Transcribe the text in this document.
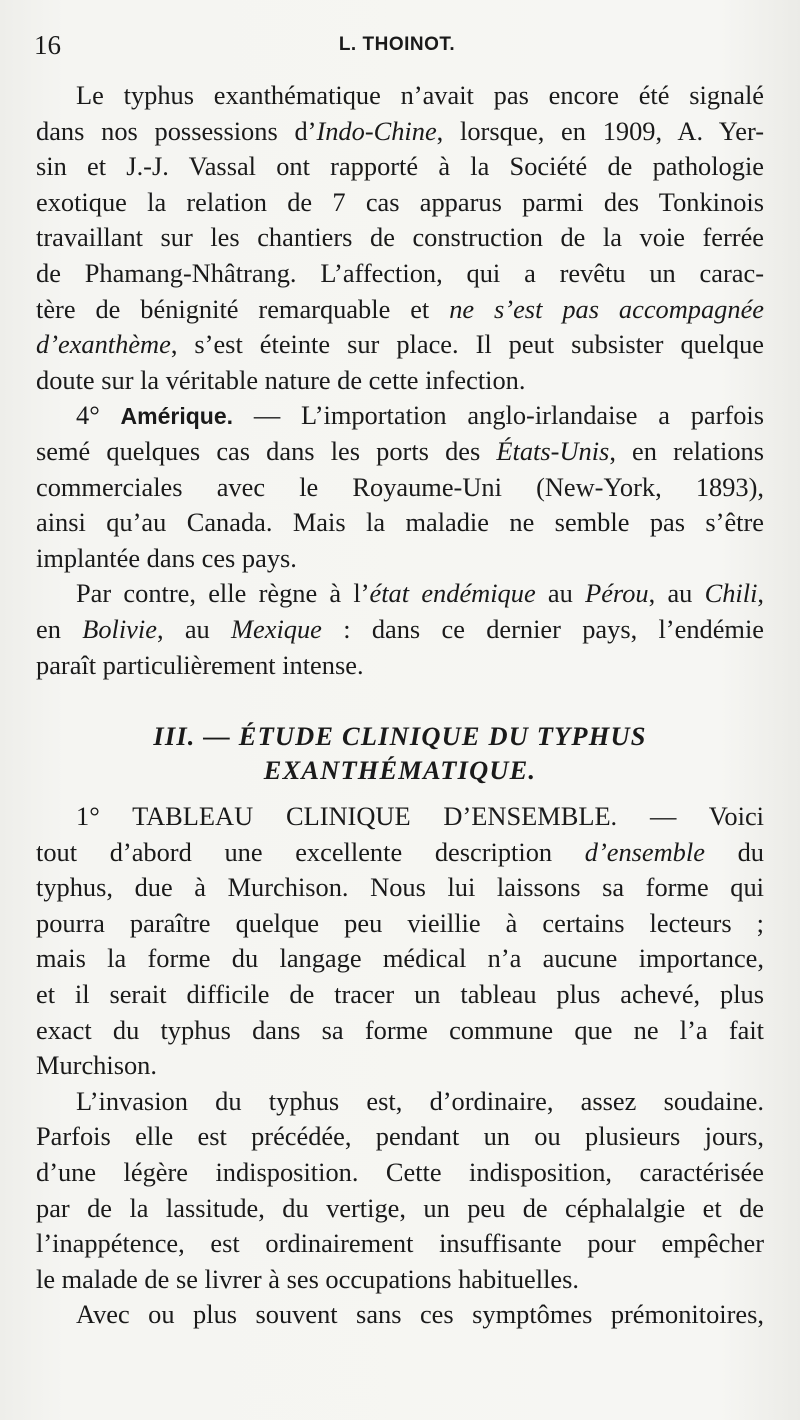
16	L. THOINOT.
Le typhus exanthématique n’avait pas encore été signalé
dans nos possessions d’Indo-Chine, lorsque, en 1909, A. Yer-
sin et J.-J. Vassal ont rapporté à la Société de pathologie
exotique la relation de 7 cas apparus parmi des Tonkinois
travaillant sur les chantiers de construction de la voie ferrée
de Phamang-Nhâtrang. L’affection, qui a revêtu un carac-
tère de bénignité remarquable et ne s’est pas accompagnée
d’exanthème, s’est éteinte sur place. Il peut subsister quelque
doute sur la véritable nature de cette infection.
4° Amérique. — L’importation anglo-irlandaise a parfois
semé quelques cas dans les ports des États-Unis, en relations
commerciales avec le Royaume-Uni (New-York, 1893),
ainsi qu’au Canada. Mais la maladie ne semble pas s’être
implantée dans ces pays.
Par contre, elle règne à l’état endémique au Pérou, au Chili,
en Bolivie, au Mexique : dans ce dernier pays, l’endémie
paraît particulièrement intense.
III. — ÉTUDE CLINIQUE DU TYPHUS
EXANTHÉMATIQUE.
1° TABLEAU CLINIQUE D’ENSEMBLE. — Voici
tout d’abord une excellente description d’ensemble du
typhus, due à Murchison. Nous lui laissons sa forme qui
pourra paraître quelque peu vieillie à certains lecteurs ;
mais la forme du langage médical n’a aucune importance,
et il serait difficile de tracer un tableau plus achevé, plus
exact du typhus dans sa forme commune que ne l’a fait
Murchison.
L’invasion du typhus est, d’ordinaire, assez soudaine.
Parfois elle est précédée, pendant un ou plusieurs jours,
d’une légère indisposition. Cette indisposition, caractérisée
par de la lassitude, du vertige, un peu de céphalalgie et de
l’inappétence, est ordinairement insuffisante pour empêcher
le malade de se livrer à ses occupations habituelles.
Avec ou plus souvent sans ces symptômes prémonitoires,
